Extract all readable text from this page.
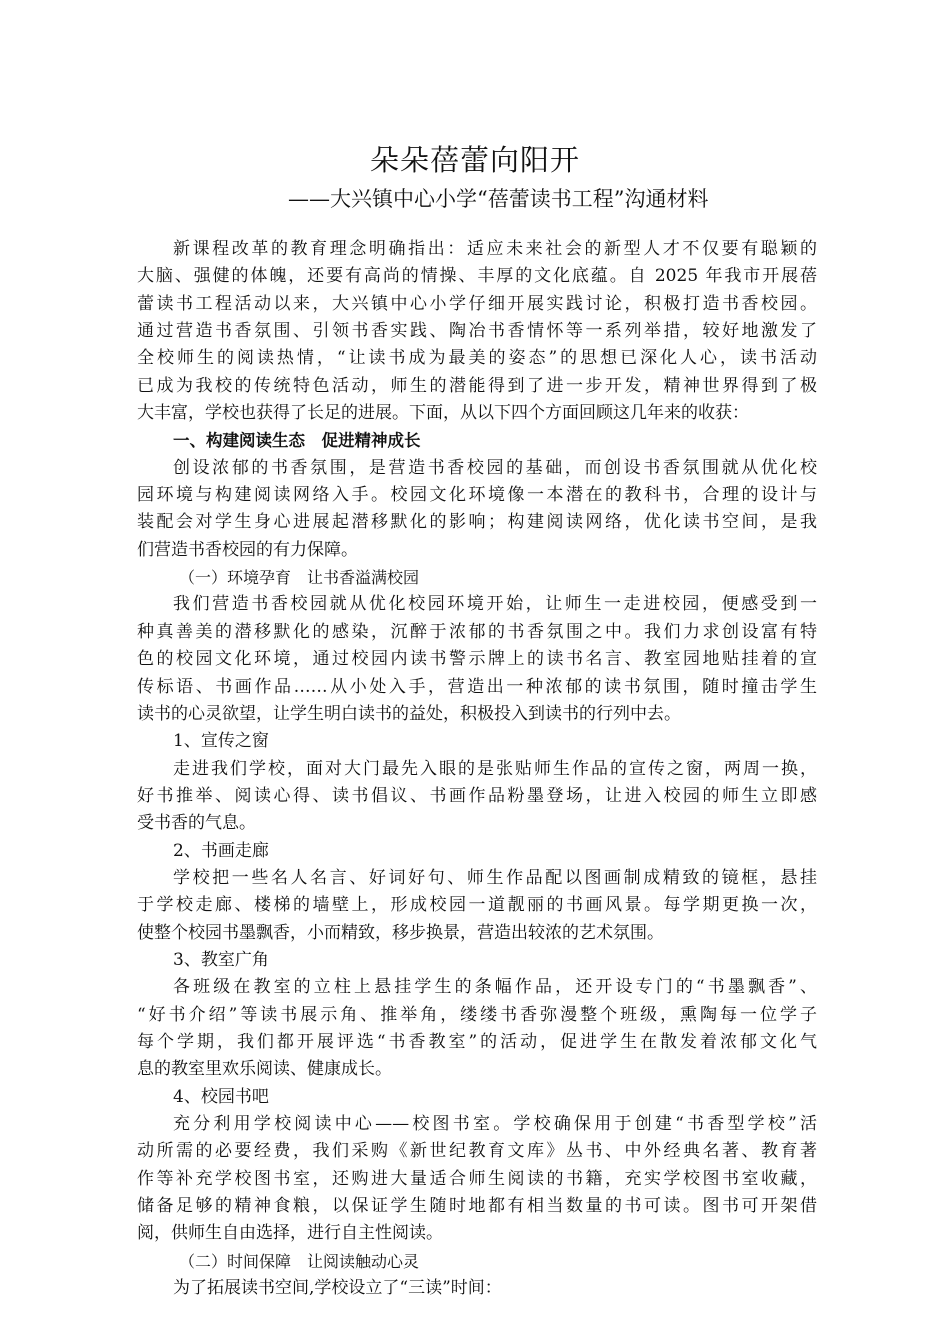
朵朵蓓蕾向阳开
——大兴镇中心小学“蓓蕾读书工程”沟通材料
新课程改革的教育理念明确指出：适应未来社会的新型人才不仅要有聪颖的
大脑、强健的体魄，还要有高尚的情操、丰厚的文化底蕴。自 2025 年我市开展蓓
蕾读书工程活动以来，大兴镇中心小学仔细开展实践讨论，积极打造书香校园。
通过营造书香氛围、引领书香实践、陶冶书香情怀等一系列举措，较好地激发了
全校师生的阅读热情，“让读书成为最美的姿态”的思想已深化人心，读书活动
已成为我校的传统特色活动，师生的潜能得到了进一步开发，精神世界得到了极
大丰富，学校也获得了长足的进展。下面，从以下四个方面回顾这几年来的收获：
一、构建阅读生态　促进精神成长
创设浓郁的书香氛围，是营造书香校园的基础，而创设书香氛围就从优化校
园环境与构建阅读网络入手。校园文化环境像一本潜在的教科书，合理的设计与
装配会对学生身心进展起潜移默化的影响；构建阅读网络，优化读书空间，是我
们营造书香校园的有力保障。
（一）环境孕育　让书香溢满校园
我们营造书香校园就从优化校园环境开始，让师生一走进校园，便感受到一
种真善美的潜移默化的感染，沉醉于浓郁的书香氛围之中。我们力求创设富有特
色的校园文化环境，通过校园内读书警示牌上的读书名言、教室园地贴挂着的宣
传标语、书画作品……从小处入手，营造出一种浓郁的读书氛围，随时撞击学生
读书的心灵欲望，让学生明白读书的益处，积极投入到读书的行列中去。
1、宣传之窗
走进我们学校，面对大门最先入眼的是张贴师生作品的宣传之窗，两周一换，
好书推举、阅读心得、读书倡议、书画作品粉墨登场，让进入校园的师生立即感
受书香的气息。
2、书画走廊
学校把一些名人名言、好词好句、师生作品配以图画制成精致的镜框，悬挂
于学校走廊、楼梯的墙壁上，形成校园一道靓丽的书画风景。每学期更换一次，
使整个校园书墨飘香，小而精致，移步换景，营造出较浓的艺术氛围。
3、教室广角
各班级在教室的立柱上悬挂学生的条幅作品，还开设专门的“书墨飘香”、
“好书介绍”等读书展示角、推举角，缕缕书香弥漫整个班级，熏陶每一位学子
每个学期，我们都开展评选“书香教室”的活动，促进学生在散发着浓郁文化气
息的教室里欢乐阅读、健康成长。
4、校园书吧
充分利用学校阅读中心——校图书室。学校确保用于创建“书香型学校”活
动所需的必要经费，我们采购《新世纪教育文库》丛书、中外经典名著、教育著
作等补充学校图书室，还购进大量适合师生阅读的书籍，充实学校图书室收藏，
储备足够的精神食粮，以保证学生随时地都有相当数量的书可读。图书可开架借
阅，供师生自由选择，进行自主性阅读。
（二）时间保障　让阅读触动心灵
为了拓展读书空间,学校设立了“三读”时间：
